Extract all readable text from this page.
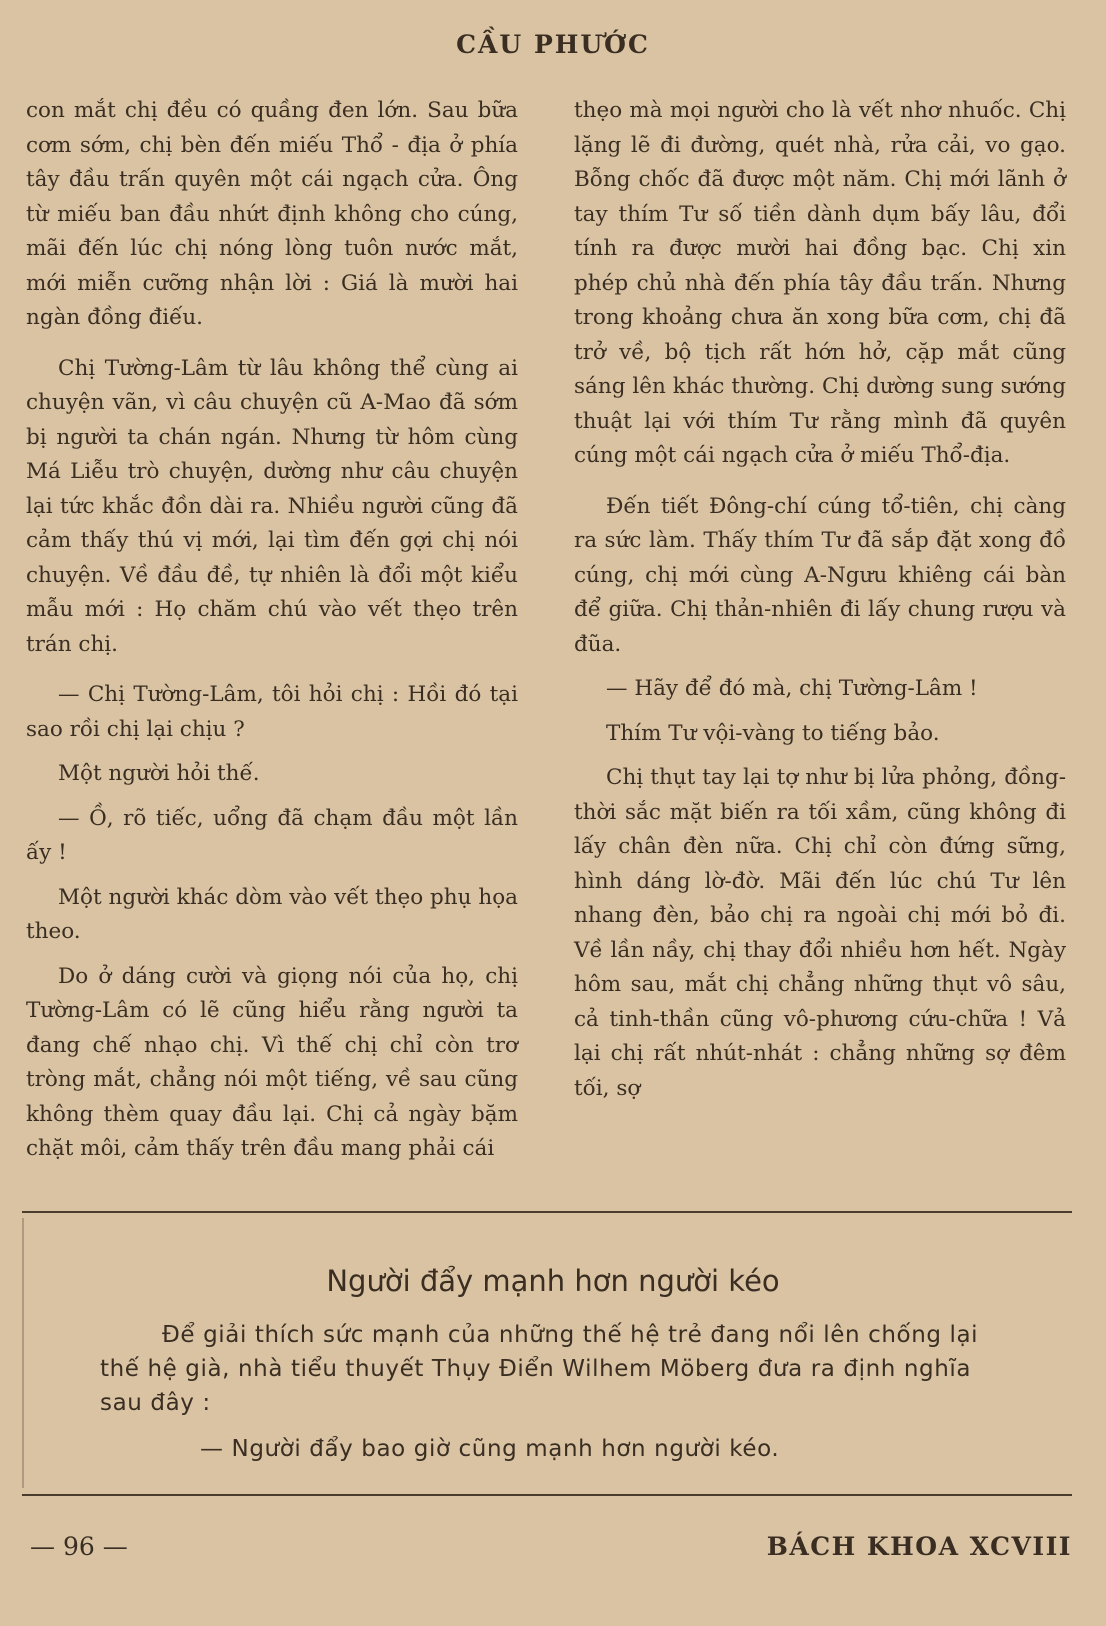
CẦU PHƯỚC

con mắt chị đều có quầng đen lớn. Sau bữa cơm sớm, chị bèn đến miếu Thổ - địa ở phía tây đầu trấn quyên một cái ngạch cửa. Ông từ miếu ban đầu nhứt định không cho cúng, mãi đến lúc chị nóng lòng tuôn nước mắt, mới miễn cưỡng nhận lời : Giá là mười hai ngàn đồng điếu.

Chị Tường-Lâm từ lâu không thể cùng ai chuyện vãn, vì câu chuyện cũ A-Mao đã sớm bị người ta chán ngán. Nhưng từ hôm cùng Má Liễu trò chuyện, dường như câu chuyện lại tức khắc đồn dài ra. Nhiều người cũng đã cảm thấy thú vị mới, lại tìm đến gợi chị nói chuyện. Về đầu đề, tự nhiên là đổi một kiểu mẫu mới : Họ chăm chú vào vết thẹo trên trán chị.

— Chị Tường-Lâm, tôi hỏi chị : Hồi đó tại sao rồi chị lại chịu ?

Một người hỏi thế.

— Ồ, rõ tiếc, uổng đã chạm đầu một lần ấy !

Một người khác dòm vào vết thẹo phụ họa theo.

Do ở dáng cười và giọng nói của họ, chị Tường-Lâm có lẽ cũng hiểu rằng người ta đang chế nhạo chị. Vì thế chị chỉ còn trơ tròng mắt, chẳng nói một tiếng, về sau cũng không thèm quay đầu lại. Chị cả ngày bặm chặt môi, cảm thấy trên đầu mang phải cái

thẹo mà mọi người cho là vết nhơ nhuốc. Chị lặng lẽ đi đường, quét nhà, rửa cải, vo gạo. Bỗng chốc đã được một năm. Chị mới lãnh ở tay thím Tư số tiền dành dụm bấy lâu, đổi tính ra được mười hai đồng bạc. Chị xin phép chủ nhà đến phía tây đầu trấn. Nhưng trong khoảng chưa ăn xong bữa cơm, chị đã trở về, bộ tịch rất hớn hở, cặp mắt cũng sáng lên khác thường. Chị dường sung sướng thuật lại với thím Tư rằng mình đã quyên cúng một cái ngạch cửa ở miếu Thổ-địa.

Đến tiết Đông-chí cúng tổ-tiên, chị càng ra sức làm. Thấy thím Tư đã sắp đặt xong đồ cúng, chị mới cùng A-Ngưu khiêng cái bàn để giữa. Chị thản-nhiên đi lấy chung rượu và đũa.

— Hãy để đó mà, chị Tường-Lâm !

Thím Tư vội-vàng to tiếng bảo.

Chị thụt tay lại tợ như bị lửa phỏng, đồng-thời sắc mặt biến ra tối xầm, cũng không đi lấy chân đèn nữa. Chị chỉ còn đứng sững, hình dáng lờ-đờ. Mãi đến lúc chú Tư lên nhang đèn, bảo chị ra ngoài chị mới bỏ đi. Về lần nầy, chị thay đổi nhiều hơn hết. Ngày hôm sau, mắt chị chẳng những thụt vô sâu, cả tinh-thần cũng vô-phương cứu-chữa ! Vả lại chị rất nhút-nhát : chẳng những sợ đêm tối, sợ

Người đẩy mạnh hơn người kéo

Để giải thích sức mạnh của những thế hệ trẻ đang nổi lên chống lại thế hệ già, nhà tiểu thuyết Thụy Điển Wilhem Möberg đưa ra định nghĩa sau đây :

— Người đẩy bao giờ cũng mạnh hơn người kéo.

— 96 —	BÁCH KHOA XCVIII
